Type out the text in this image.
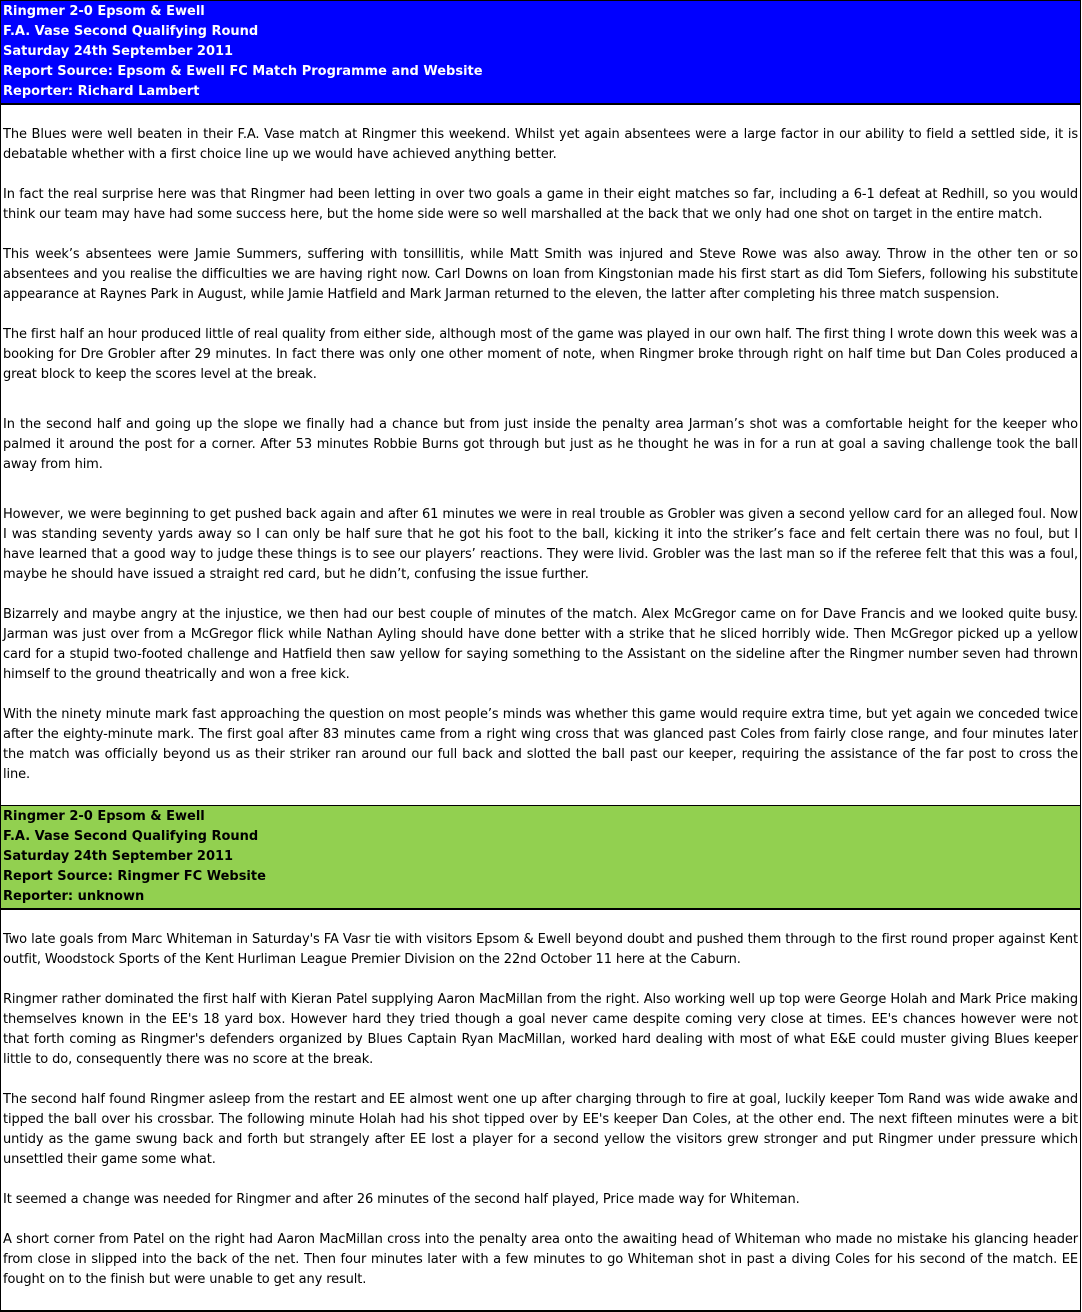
Ringmer 2-0 Epsom & Ewell
F.A. Vase Second Qualifying Round
Saturday 24th September 2011
Report Source: Epsom & Ewell FC Match Programme and Website
Reporter: Richard Lambert

The Blues were well beaten in their F.A. Vase match at Ringmer this weekend. Whilst yet again absentees were a large factor in our ability to field a settled side, it is debatable whether with a first choice line up we would have achieved anything better.

In fact the real surprise here was that Ringmer had been letting in over two goals a game in their eight matches so far, including a 6-1 defeat at Redhill, so you would think our team may have had some success here, but the home side were so well marshalled at the back that we only had one shot on target in the entire match.

This week’s absentees were Jamie Summers, suffering with tonsillitis, while Matt Smith was injured and Steve Rowe was also away. Throw in the other ten or so absentees and you realise the difficulties we are having right now. Carl Downs on loan from Kingstonian made his first start as did Tom Siefers, following his substitute appearance at Raynes Park in August, while Jamie Hatfield and Mark Jarman returned to the eleven, the latter after completing his three match suspension.

The first half an hour produced little of real quality from either side, although most of the game was played in our own half. The first thing I wrote down this week was a booking for Dre Grobler after 29 minutes. In fact there was only one other moment of note, when Ringmer broke through right on half time but Dan Coles produced a great block to keep the scores level at the break.

In the second half and going up the slope we finally had a chance but from just inside the penalty area Jarman’s shot was a comfortable height for the keeper who palmed it around the post for a corner. After 53 minutes Robbie Burns got through but just as he thought he was in for a run at goal a saving challenge took the ball away from him.

However, we were beginning to get pushed back again and after 61 minutes we were in real trouble as Grobler was given a second yellow card for an alleged foul. Now I was standing seventy yards away so I can only be half sure that he got his foot to the ball, kicking it into the striker’s face and felt certain there was no foul, but I have learned that a good way to judge these things is to see our players’ reactions. They were livid. Grobler was the last man so if the referee felt that this was a foul, maybe he should have issued a straight red card, but he didn’t, confusing the issue further.

Bizarrely and maybe angry at the injustice, we then had our best couple of minutes of the match. Alex McGregor came on for Dave Francis and we looked quite busy. Jarman was just over from a McGregor flick while Nathan Ayling should have done better with a strike that he sliced horribly wide. Then McGregor picked up a yellow card for a stupid two-footed challenge and Hatfield then saw yellow for saying something to the Assistant on the sideline after the Ringmer number seven had thrown himself to the ground theatrically and won a free kick.

With the ninety minute mark fast approaching the question on most people’s minds was whether this game would require extra time, but yet again we conceded twice after the eighty-minute mark. The first goal after 83 minutes came from a right wing cross that was glanced past Coles from fairly close range, and four minutes later the match was officially beyond us as their striker ran around our full back and slotted the ball past our keeper, requiring the assistance of the far post to cross the line.

Ringmer 2-0 Epsom & Ewell
F.A. Vase Second Qualifying Round
Saturday 24th September 2011
Report Source: Ringmer FC Website
Reporter: unknown

Two late goals from Marc Whiteman in Saturday's FA Vasr tie with visitors Epsom & Ewell beyond doubt and pushed them through to the first round proper against Kent outfit, Woodstock Sports of the Kent Hurliman League Premier Division on the 22nd October 11 here at the Caburn.

Ringmer rather dominated the first half with Kieran Patel supplying Aaron MacMillan from the right. Also working well up top were George Holah and Mark Price making themselves known in the EE's 18 yard box. However hard they tried though a goal never came despite coming very close at times. EE's chances however were not that forth coming as Ringmer's defenders organized by Blues Captain Ryan MacMillan, worked hard dealing with most of what E&E could muster giving Blues keeper little to do, consequently there was no score at the break.

The second half found Ringmer asleep from the restart and EE almost went one up after charging through to fire at goal, luckily keeper Tom Rand was wide awake and tipped the ball over his crossbar. The following minute Holah had his shot tipped over by EE's keeper Dan Coles, at the other end. The next fifteen minutes were a bit untidy as the game swung back and forth but strangely after EE lost a player for a second yellow the visitors grew stronger and put Ringmer under pressure which unsettled their game some what.

It seemed a change was needed for Ringmer and after 26 minutes of the second half played, Price made way for Whiteman.

A short corner from Patel on the right had Aaron MacMillan cross into the penalty area onto the awaiting head of Whiteman who made no mistake his glancing header from close in slipped into the back of the net. Then four minutes later with a few minutes to go Whiteman shot in past a diving Coles for his second of the match. EE fought on to the finish but were unable to get any result.
